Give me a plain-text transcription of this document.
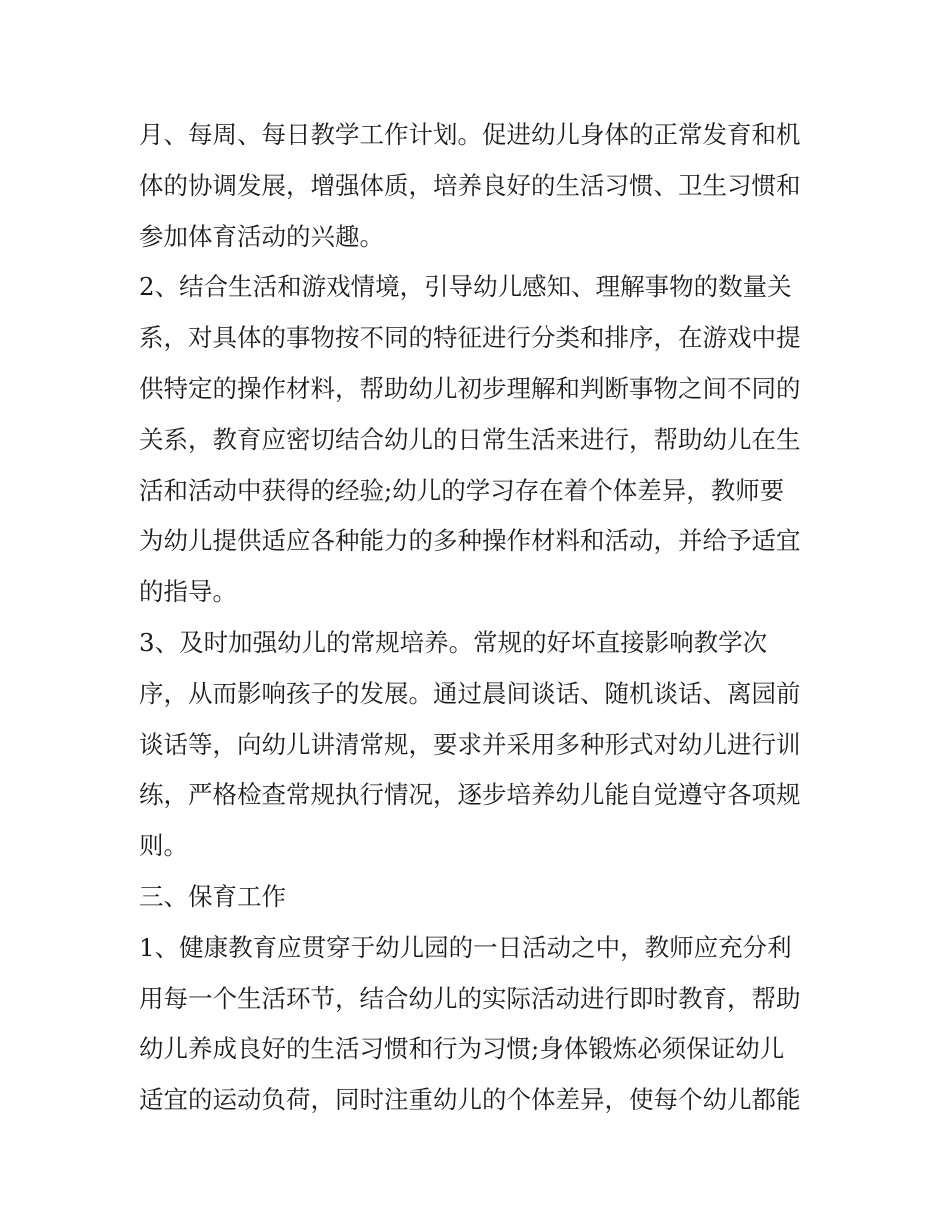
月、每周、每日教学工作计划。促进幼儿身体的正常发育和机
体的协调发展，增强体质，培养良好的生活习惯、卫生习惯和
参加体育活动的兴趣。
2、结合生活和游戏情境，引导幼儿感知、理解事物的数量关
系，对具体的事物按不同的特征进行分类和排序，在游戏中提
供特定的操作材料，帮助幼儿初步理解和判断事物之间不同的
关系，教育应密切结合幼儿的日常生活来进行，帮助幼儿在生
活和活动中获得的经验;幼儿的学习存在着个体差异，教师要
为幼儿提供适应各种能力的多种操作材料和活动，并给予适宜
的指导。
3、及时加强幼儿的常规培养。常规的好坏直接影响教学次
序，从而影响孩子的发展。通过晨间谈话、随机谈话、离园前
谈话等，向幼儿讲清常规，要求并采用多种形式对幼儿进行训
练，严格检查常规执行情况，逐步培养幼儿能自觉遵守各项规
则。
三、保育工作
1、健康教育应贯穿于幼儿园的一日活动之中，教师应充分利
用每一个生活环节，结合幼儿的实际活动进行即时教育，帮助
幼儿养成良好的生活习惯和行为习惯;身体锻炼必须保证幼儿
适宜的运动负荷，同时注重幼儿的个体差异，使每个幼儿都能
